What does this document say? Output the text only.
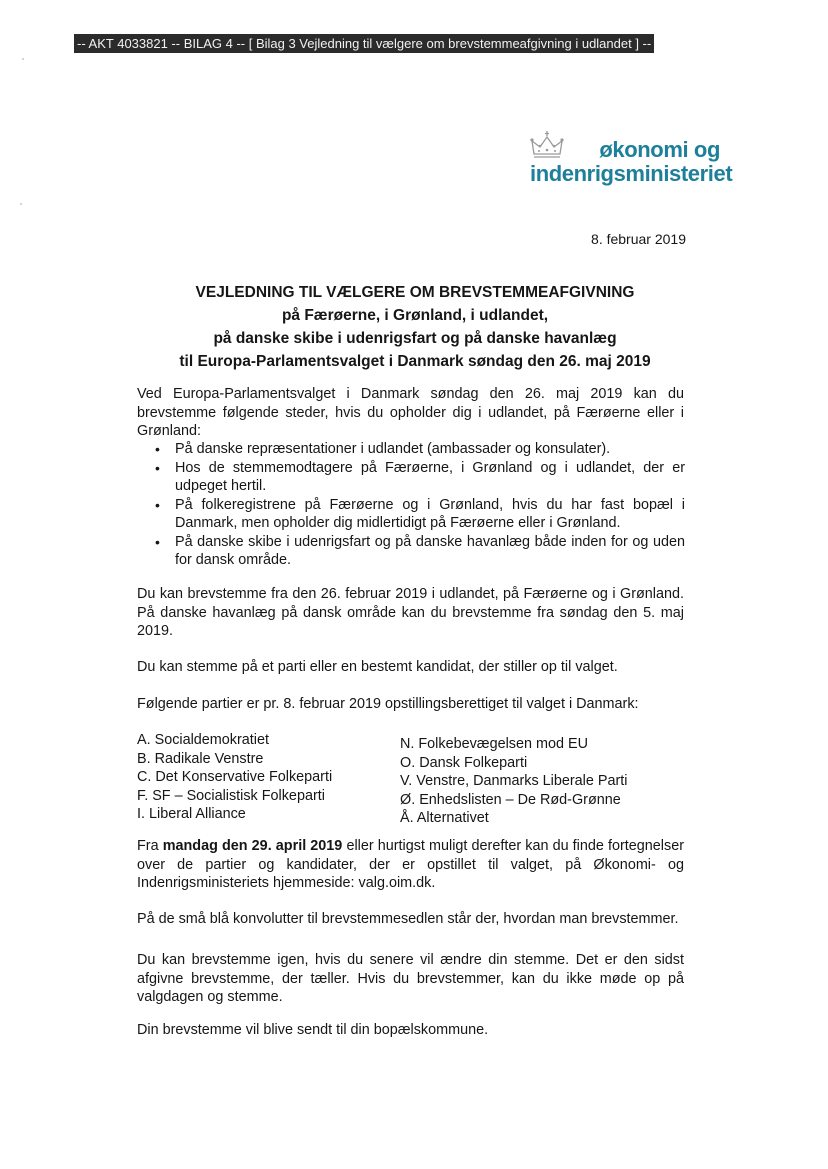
-- AKT 4033821 -- BILAG 4 -- [ Bilag 3 Vejledning til vælgere om brevstemmeafgivning i udlandet ] --
økonomi og
indenrigsministeriet
8. februar 2019
VEJLEDNING TIL VÆLGERE OM BREVSTEMMEAFGIVNING
på Færøerne, i Grønland, i udlandet,
på danske skibe i udenrigsfart og på danske havanlæg
til Europa-Parlamentsvalget i Danmark søndag den 26. maj 2019
Ved Europa-Parlamentsvalget i Danmark søndag den 26. maj 2019 kan du brevstemme følgende steder, hvis du opholder dig i udlandet, på Færøerne eller i Grønland:
• På danske repræsentationer i udlandet (ambassader og konsulater).
• Hos de stemmemodtagere på Færøerne, i Grønland og i udlandet, der er udpeget hertil.
• På folkeregistrene på Færøerne og i Grønland, hvis du har fast bopæl i Danmark, men opholder dig midlertidigt på Færøerne eller i Grønland.
• På danske skibe i udenrigsfart og på danske havanlæg både inden for og uden for dansk område.
Du kan brevstemme fra den 26. februar 2019 i udlandet, på Færøerne og i Grønland. På danske havanlæg på dansk område kan du brevstemme fra søndag den 5. maj 2019.
Du kan stemme på et parti eller en bestemt kandidat, der stiller op til valget.
Følgende partier er pr. 8. februar 2019 opstillingsberettiget til valget i Danmark:
A. Socialdemokratiet
B. Radikale Venstre
C. Det Konservative Folkeparti
F. SF – Socialistisk Folkeparti
I. Liberal Alliance
N. Folkebevægelsen mod EU
O. Dansk Folkeparti
V. Venstre, Danmarks Liberale Parti
Ø. Enhedslisten – De Rød-Grønne
Å. Alternativet
Fra mandag den 29. april 2019 eller hurtigst muligt derefter kan du finde fortegnelser over de partier og kandidater, der er opstillet til valget, på Økonomi- og Indenrigsministeriets hjemmeside: valg.oim.dk.
På de små blå konvolutter til brevstemmesedlen står der, hvordan man brevstemmer.
Du kan brevstemme igen, hvis du senere vil ændre din stemme. Det er den sidst afgivne brevstemme, der tæller. Hvis du brevstemmer, kan du ikke møde op på valgdagen og stemme.
Din brevstemme vil blive sendt til din bopælskommune.
